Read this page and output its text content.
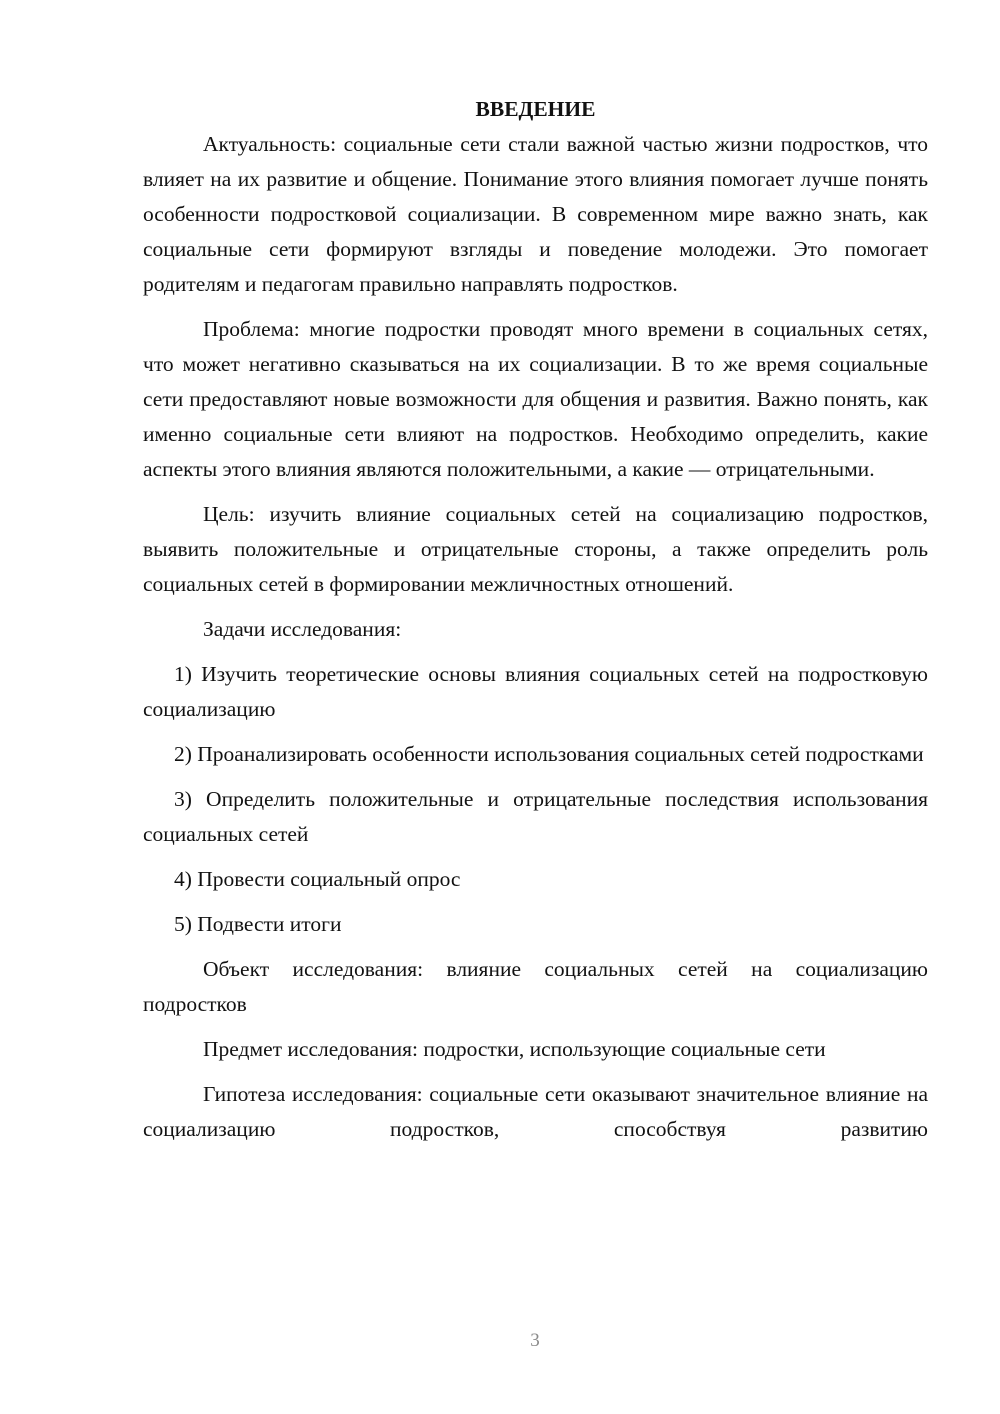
ВВЕДЕНИЕ

Актуальность: социальные сети стали важной частью жизни подростков, что влияет на их развитие и общение. Понимание этого влияния помогает лучше понять особенности подростковой социализации. В современном мире важно знать, как социальные сети формируют взгляды и поведение молодежи. Это помогает родителям и педагогам правильно направлять подростков.

Проблема: многие подростки проводят много времени в социальных сетях, что может негативно сказываться на их социализации. В то же время социальные сети предоставляют новые возможности для общения и развития. Важно понять, как именно социальные сети влияют на подростков. Необходимо определить, какие аспекты этого влияния являются положительными, а какие — отрицательными.

Цель: изучить влияние социальных сетей на социализацию подростков, выявить положительные и отрицательные стороны, а также определить роль социальных сетей в формировании межличностных отношений.

Задачи исследования:

1) Изучить теоретические основы влияния социальных сетей на подростковую социализацию

2) Проанализировать особенности использования социальных сетей подростками

3) Определить положительные и отрицательные последствия использования социальных сетей

4) Провести социальный опрос

5) Подвести итоги

Объект исследования: влияние социальных сетей на социализацию подростков

Предмет исследования: подростки, использующие социальные сети

Гипотеза исследования: социальные сети оказывают значительное влияние на социализацию подростков, способствуя развитию

3
